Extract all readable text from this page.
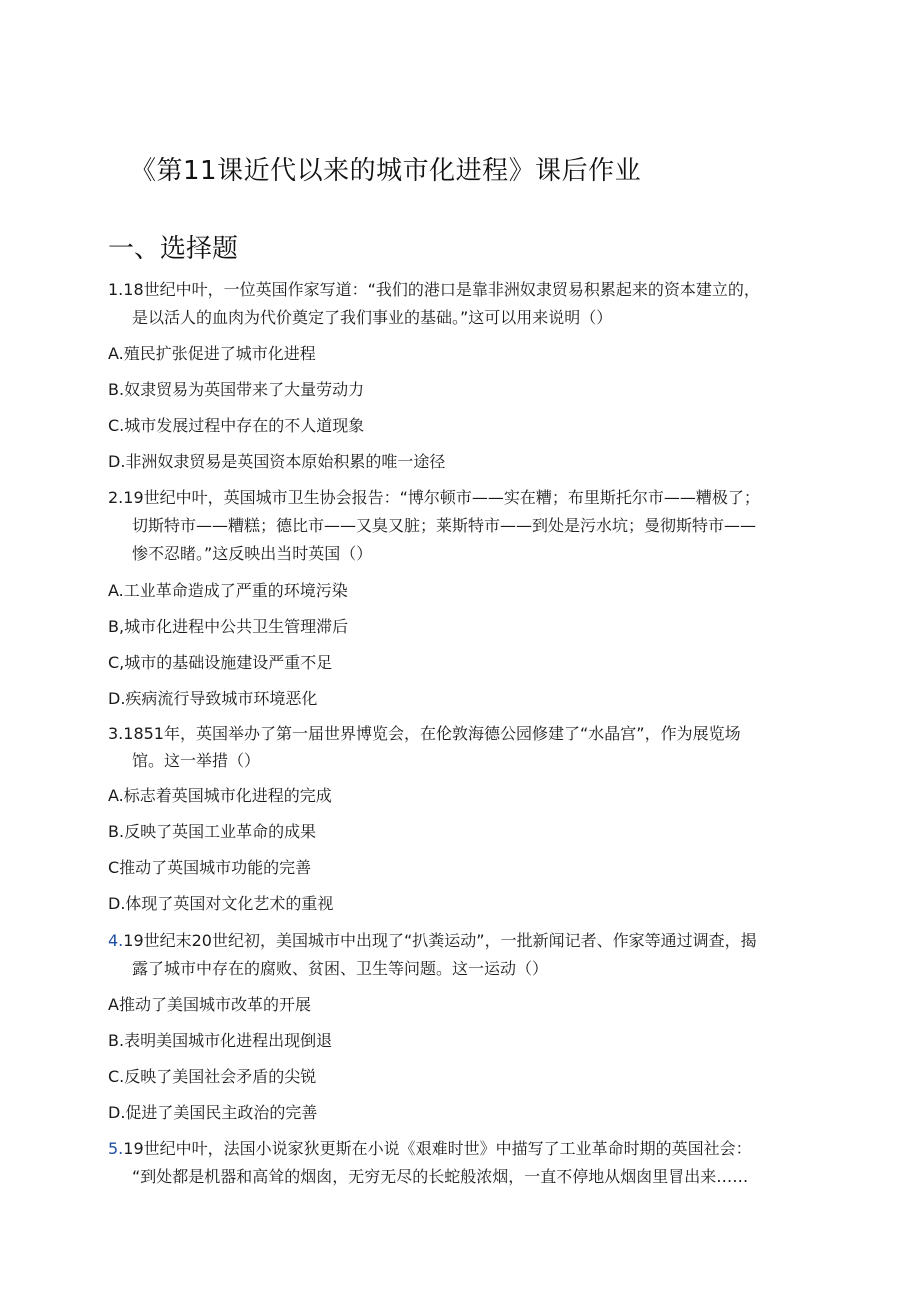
《第11课近代以来的城市化进程》课后作业
一、选择题
1.18世纪中叶，一位英国作家写道：“我们的港口是靠非洲奴隶贸易积累起来的资本建立的，
是以活人的血肉为代价奠定了我们事业的基础。”这可以用来说明（）
A.殖民扩张促进了城市化进程
B.奴隶贸易为英国带来了大量劳动力
C.城市发展过程中存在的不人道现象
D.非洲奴隶贸易是英国资本原始积累的唯一途径
2.19世纪中叶，英国城市卫生协会报告：“博尔顿市——实在糟；布里斯托尔市——糟极了；
切斯特市——糟糕；德比市——又臭又脏；莱斯特市——到处是污水坑；曼彻斯特市——
惨不忍睹。”这反映出当时英国（）
A.工业革命造成了严重的环境污染
B,城市化进程中公共卫生管理滞后
C,城市的基础设施建设严重不足
D.疾病流行导致城市环境恶化
3.1851年，英国举办了第一届世界博览会，在伦敦海德公园修建了“水晶宫”，作为展览场
馆。这一举措（）
A.标志着英国城市化进程的完成
B.反映了英国工业革命的成果
C推动了英国城市功能的完善
D.体现了英国对文化艺术的重视
4.19世纪末20世纪初，美国城市中出现了“扒粪运动”，一批新闻记者、作家等通过调查，揭
露了城市中存在的腐败、贫困、卫生等问题。这一运动（）
A推动了美国城市改革的开展
B.表明美国城市化进程出现倒退
C.反映了美国社会矛盾的尖锐
D.促进了美国民主政治的完善
5.19世纪中叶，法国小说家狄更斯在小说《艰难时世》中描写了工业革命时期的英国社会：
“到处都是机器和高耸的烟囱，无穷无尽的长蛇般浓烟，一直不停地从烟囱里冒出来……
